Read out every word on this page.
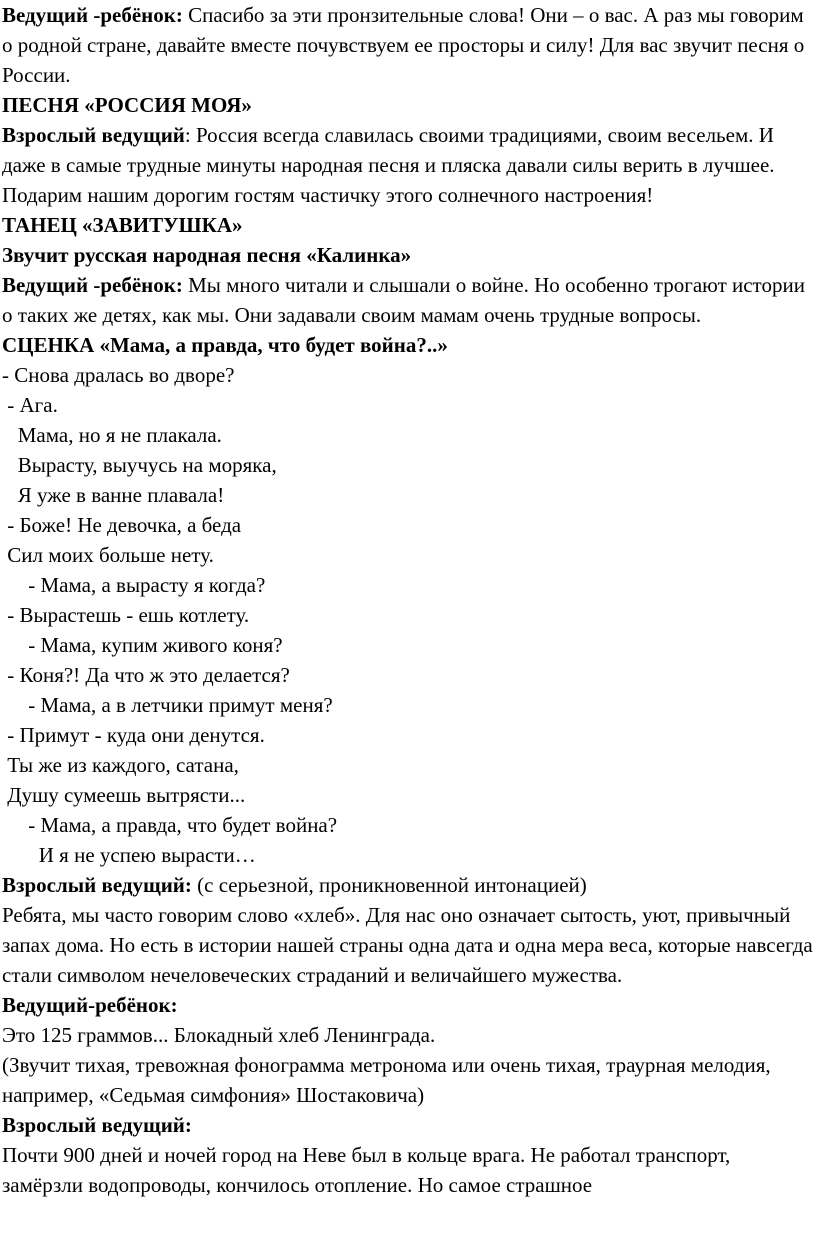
Ведущий -ребёнок: Спасибо за эти пронзительные слова! Они – о вас. А раз мы говорим о родной стране, давайте вместе почувствуем ее просторы и силу! Для вас звучит песня о России.

ПЕСНЯ «РОССИЯ МОЯ»

Взрослый ведущий: Россия всегда славилась своими традициями, своим весельем. И даже в самые трудные минуты народная песня и пляска давали силы верить в лучшее. Подарим нашим дорогим гостям частичку этого солнечного настроения!

ТАНЕЦ «ЗАВИТУШКА»

Звучит русская народная песня «Калинка»

Ведущий -ребёнок: Мы много читали и слышали о войне. Но особенно трогают истории о таких же детях, как мы. Они задавали своим мамам очень трудные вопросы.

СЦЕНКА «Мама, а правда, что будет война?..»

- Снова дралась во дворе?

- Ага.

Мама, но я не плакала.

Вырасту, выучусь на моряка,

Я уже в ванне плавала!

- Боже! Не девочка, а беда

Сил моих больше нету.

- Мама, а вырасту я когда?

- Вырастешь - ешь котлету.

- Мама, купим живого коня?

- Коня?! Да что ж это делается?

- Мама, а в летчики примут меня?

- Примут - куда они денутся.

Ты же из каждого, сатана,

Душу сумеешь вытрясти...

- Мама, а правда, что будет война?

И я не успею вырасти…

Взрослый ведущий: (с серьезной, проникновенной интонацией)

Ребята, мы часто говорим слово «хлеб». Для нас оно означает сытость, уют, привычный запах дома. Но есть в истории нашей страны одна дата и одна мера веса, которые навсегда стали символом нечеловеческих страданий и величайшего мужества.

Ведущий-ребёнок:

Это 125 граммов... Блокадный хлеб Ленинграда.

(Звучит тихая, тревожная фонограмма метронома или очень тихая, траурная мелодия, например, «Седьмая симфония» Шостаковича)

Взрослый ведущий:

Почти 900 дней и ночей город на Неве был в кольце врага. Не работал транспорт, замёрзли водопроводы, кончилось отопление. Но самое страшное
